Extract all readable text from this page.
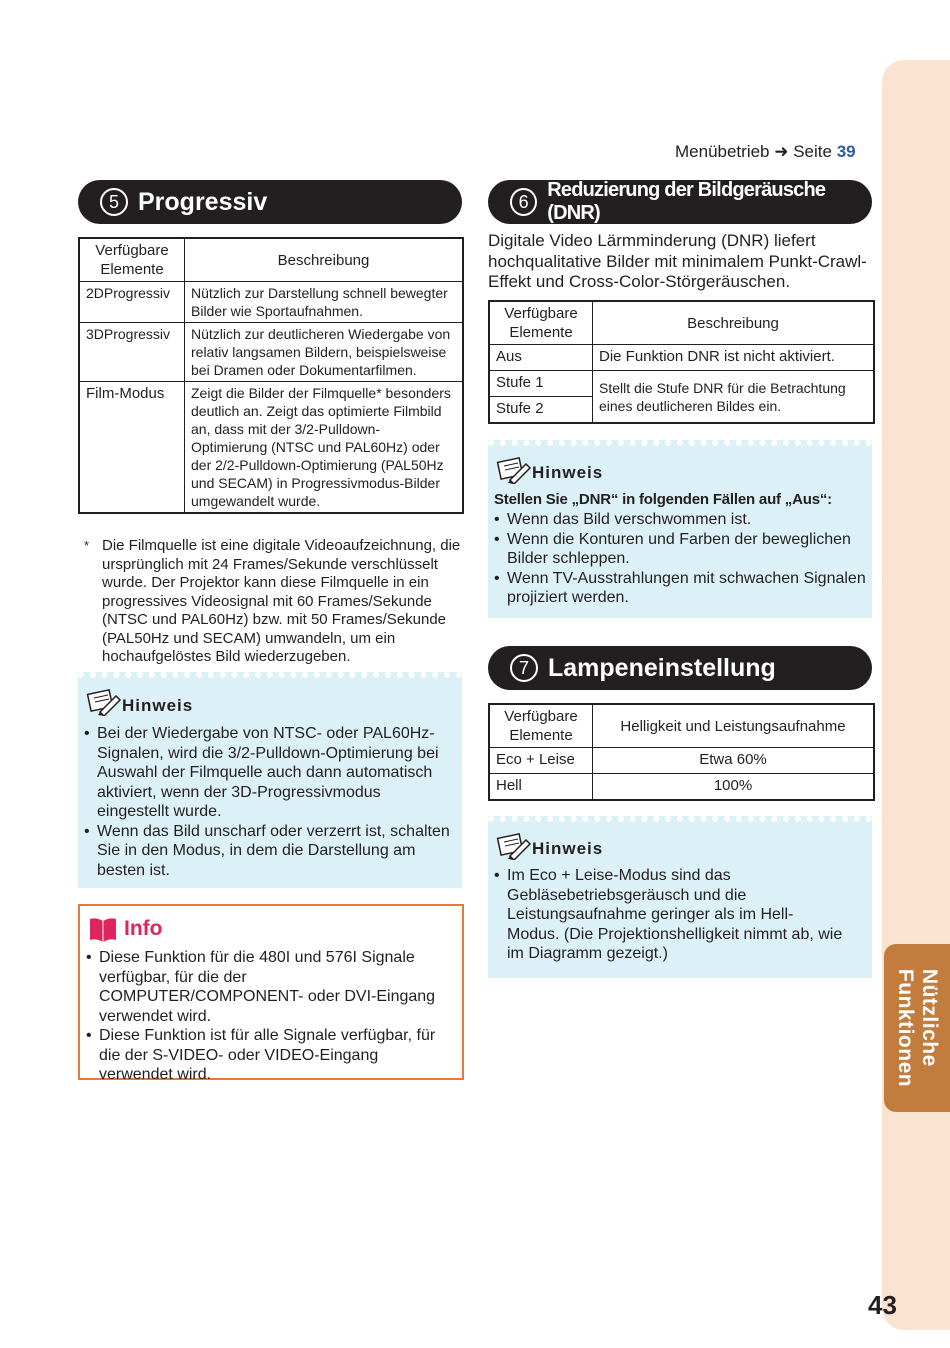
Nützliche
Funktionen
43
Menübetrieb ➜ Seite 39
5 Progressiv
Verfügbare Elemente	Beschreibung
2DProgressiv	Nützlich zur Darstellung schnell bewegter Bilder wie Sportaufnahmen.
3DProgressiv	Nützlich zur deutlicheren Wiedergabe von relativ langsamen Bildern, beispielsweise bei Dramen oder Dokumentarfilmen.
Film-Modus	Zeigt die Bilder der Filmquelle* besonders deutlich an. Zeigt das optimierte Filmbild an, dass mit der 3/2-Pulldown-Optimierung (NTSC und PAL60Hz) oder der 2/2-Pulldown-Optimierung (PAL50Hz und SECAM) in Progressivmodus-Bilder umgewandelt wurde.
* Die Filmquelle ist eine digitale Videoaufzeichnung, die ursprünglich mit 24 Frames/Sekunde verschlüsselt wurde. Der Projektor kann diese Filmquelle in ein progressives Videosignal mit 60 Frames/Sekunde (NTSC und PAL60Hz) bzw. mit 50 Frames/Sekunde (PAL50Hz und SECAM) umwandeln, um ein hochaufgelöstes Bild wiederzugeben.
Hinweis
• Bei der Wiedergabe von NTSC- oder PAL60Hz-Signalen, wird die 3/2-Pulldown-Optimierung bei Auswahl der Filmquelle auch dann automatisch aktiviert, wenn der 3D-Progressivmodus eingestellt wurde.
• Wenn das Bild unscharf oder verzerrt ist, schalten Sie in den Modus, in dem die Darstellung am besten ist.
Info
• Diese Funktion für die 480I und 576I Signale verfügbar, für die der COMPUTER/COMPONENT- oder DVI-Eingang verwendet wird.
• Diese Funktion ist für alle Signale verfügbar, für die der S-VIDEO- oder VIDEO-Eingang verwendet wird.
6
Reduzierung der Bildgeräusche (DNR)
Digitale Video Lärmminderung (DNR) liefert hochqualitative Bilder mit minimalem Punkt-Crawl-Effekt und Cross-Color-Störgeräuschen.
Verfügbare Elemente	Beschreibung
Aus	Die Funktion DNR ist nicht aktiviert.
Stufe 1	Stellt die Stufe DNR für die Betrachtung eines deutlicheren Bildes ein.
Stufe 2	
Hinweis
Stellen Sie „DNR“ in folgenden Fällen auf „Aus“:
• Wenn das Bild verschwommen ist.
• Wenn die Konturen und Farben der beweglichen Bilder schleppen.
• Wenn TV-Ausstrahlungen mit schwachen Signalen projiziert werden.
7 Lampeneinstellung
Verfügbare Elemente	Helligkeit und Leistungsaufnahme
Eco + Leise	Etwa 60%
Hell	100%
Hinweis
• Im Eco + Leise-Modus sind das Gebläsebetriebsgeräusch und die Leistungsaufnahme geringer als im Hell-Modus. (Die Projektionshelligkeit nimmt ab, wie im Diagramm gezeigt.)
